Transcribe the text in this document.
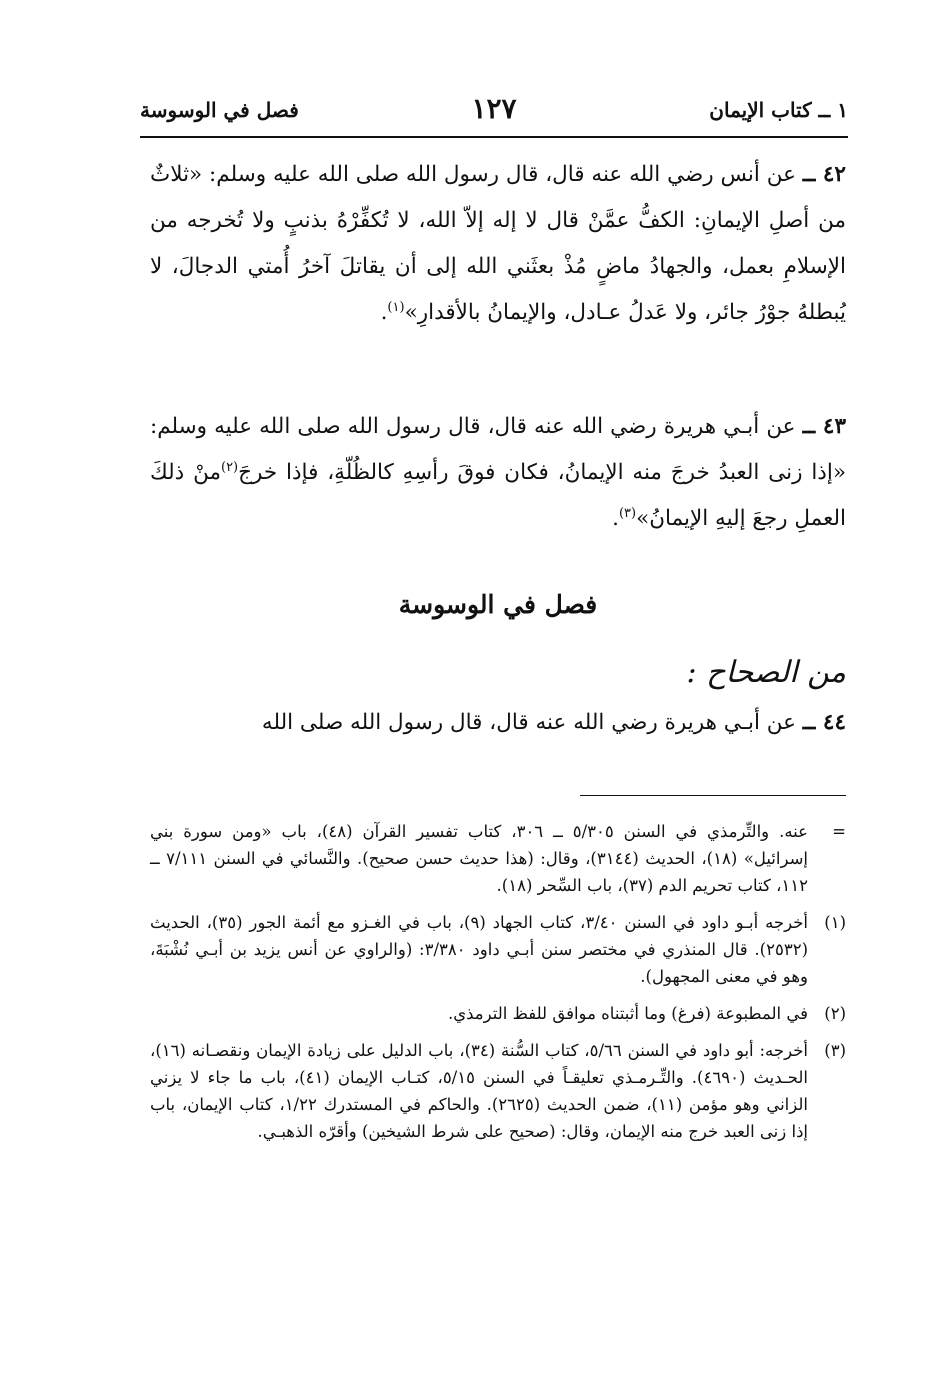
١ ــ كتاب الإيمان
١٢٧
فصل في الوسوسة
٤٢ ــ عن أنس رضي الله عنه قال، قال رسول الله صلى الله عليه وسلم: «ثلاثٌ من أصلِ الإيمانِ: الكفُّ عمَّنْ قال لا إله إلاّ الله، لا تُكفِّرْهُ بذنبٍ ولا تُخرجه من الإسلامِ بعمل، والجهادُ ماضٍ مُذْ بعثَني الله إلى أن يقاتلَ آخرُ أُمتي الدجالَ، لا يُبطلهُ جوْرُ جائر، ولا عَدلُ عـادل، والإيمانُ بالأقدارِ»$^{(١)}$.
٤٣ ــ عن أبـي هريرة رضي الله عنه قال، قال رسول الله صلى الله عليه وسلم: «إذا زنى العبدُ خرجَ منه الإيمانُ، فكان فوقَ رأسِهِ كالظُلّةِ، فإذا خرجَ$^{(٢)}$منْ ذلكَ العملِ رجعَ إليهِ الإيمانُ»$^{(٣)}$.
فصل في الوسوسة
من الصحاح :
٤٤ ــ عن أبـي هريرة رضي الله عنه قال، قال رسول الله صلى الله
=
عنه. والتِّرمذي في السنن ٥/٣٠٥ ــ ٣٠٦، كتاب تفسير القرآن (٤٨)، باب «ومن سورة بني إسرائيل» (١٨)، الحديث (٣١٤٤)، وقال: (هذا حديث حسن صحيح). والنَّسائي في السنن ٧/١١١ ــ ١١٢، كتاب تحريم الدم (٣٧)، باب السِّحر (١٨).
(١)
أخرجه أبـو داود في السنن ٣/٤٠، كتاب الجهاد (٩)، باب في الغـزو مع أئمة الجور (٣٥)، الحديث (٢٥٣٢). قال المنذري في مختصر سنن أبـي داود ٣/٣٨٠: (والراوي عن أنس يزيد بن أبـي نُشْبَةَ، وهو في معنى المجهول).
(٢)
في المطبوعة (فرغ) وما أثبتناه موافق للفظ الترمذي.
(٣)
أخرجه: أبو داود في السنن ٥/٦٦، كتاب السُّنة (٣٤)، باب الدليل على زيادة الإيمان ونقصـانه (١٦)، الحـديث (٤٦٩٠). والتِّـرمـذي تعليقـاً في السنن ٥/١٥، كتـاب الإيمان (٤١)، باب ما جاء لا يزني الزاني وهو مؤمن (١١)، ضمن الحديث (٢٦٢٥). والحاكم في المستدرك ١/٢٢، كتاب الإيمان، باب إذا زنى العبد خرج منه الإيمان، وقال: (صحيح على شرط الشيخين) وأقرّه الذهبـي.
